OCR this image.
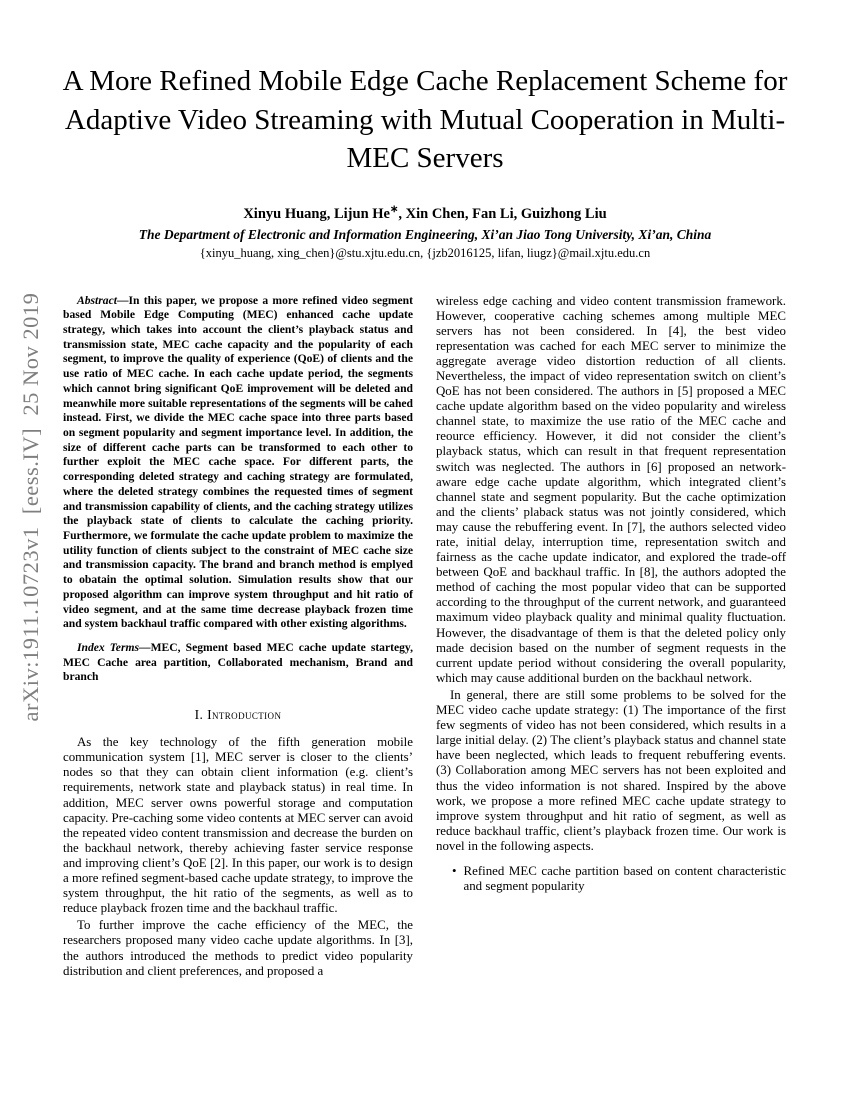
arXiv:1911.10723v1  [eess.IV]  25 Nov 2019
A More Refined Mobile Edge Cache Replacement Scheme for Adaptive Video Streaming with Mutual Cooperation in Multi-MEC Servers
Xinyu Huang, Lijun He∗, Xin Chen, Fan Li, Guizhong Liu
The Department of Electronic and Information Engineering, Xi’an Jiao Tong University, Xi’an, China
{xinyu_huang, xing_chen}@stu.xjtu.edu.cn, {jzb2016125, lifan, liugz}@mail.xjtu.edu.cn

Abstract—In this paper, we propose a more refined video segment based Mobile Edge Computing (MEC) enhanced cache update strategy, which takes into account the client’s playback status and transmission state, MEC cache capacity and the popularity of each segment, to improve the quality of experience (QoE) of clients and the use ratio of MEC cache. In each cache update period, the segments which cannot bring significant QoE improvement will be deleted and meanwhile more suitable representations of the segments will be cahed instead. First, we divide the MEC cache space into three parts based on segment popularity and segment importance level. In addition, the size of different cache parts can be transformed to each other to further exploit the MEC cache space. For different parts, the corresponding deleted strategy and caching strategy are formulated, where the deleted strategy combines the requested times of segment and transmission capability of clients, and the caching strategy utilizes the playback state of clients to calculate the caching priority. Furthermore, we formulate the cache update problem to maximize the utility function of clients subject to the constraint of MEC cache size and transmission capacity. The brand and branch method is emplyed to obatain the optimal solution. Simulation results show that our proposed algorithm can improve system throughput and hit ratio of video segment, and at the same time decrease playback frozen time and system backhaul traffic compared with other existing algorithms.

Index Terms—MEC, Segment based MEC cache update startegy, MEC Cache area partition, Collaborated mechanism, Brand and branch

I. Introduction

As the key technology of the fifth generation mobile communication system [1], MEC server is closer to the clients’ nodes so that they can obtain client information (e.g. client’s requirements, network state and playback status) in real time. In addition, MEC server owns powerful storage and computation capacity. Pre-caching some video contents at MEC server can avoid the repeated video content transmission and decrease the burden on the backhaul network, thereby achieving faster service response and improving client’s QoE [2]. In this paper, our work is to design a more refined segment-based cache update strategy, to improve the system throughput, the hit ratio of the segments, as well as to reduce playback frozen time and the backhaul traffic.

To further improve the cache efficiency of the MEC, the researchers proposed many video cache update algorithms. In [3], the authors introduced the methods to predict video popularity distribution and client preferences, and proposed a

wireless edge caching and video content transmission framework. However, cooperative caching schemes among multiple MEC servers has not been considered. In [4], the best video representation was cached for each MEC server to minimize the aggregate average video distortion reduction of all clients. Nevertheless, the impact of video representation switch on client’s QoE has not been considered. The authors in [5] proposed a MEC cache update algorithm based on the video popularity and wireless channel state, to maximize the use ratio of the MEC cache and reource efficiency. However, it did not consider the client’s playback status, which can result in that frequent representation switch was neglected. The authors in [6] proposed an network-aware edge cache update algorithm, which integrated client’s channel state and segment popularity. But the cache optimization and the clients’ plaback status was not jointly considered, which may cause the rebuffering event. In [7], the authors selected video rate, initial delay, interruption time, representation switch and fairness as the cache update indicator, and explored the trade-off between QoE and backhaul traffic. In [8], the authors adopted the method of caching the most popular video that can be supported according to the throughput of the current network, and guaranteed maximum video playback quality and minimal quality fluctuation. However, the disadvantage of them is that the deleted policy only made decision based on the number of segment requests in the current update period without considering the overall popularity, which may cause additional burden on the backhaul network.

In general, there are still some problems to be solved for the MEC video cache update strategy: (1) The importance of the first few segments of video has not been considered, which results in a large initial delay. (2) The client’s playback status and channel state have been neglected, which leads to frequent rebuffering events. (3) Collaboration among MEC servers has not been exploited and thus the video information is not shared. Inspired by the above work, we propose a more refined MEC cache update strategy to improve system throughput and hit ratio of segment, as well as reduce backhaul traffic, client’s playback frozen time. Our work is novel in the following aspects.

• Refined MEC cache partition based on content characteristic and segment popularity
